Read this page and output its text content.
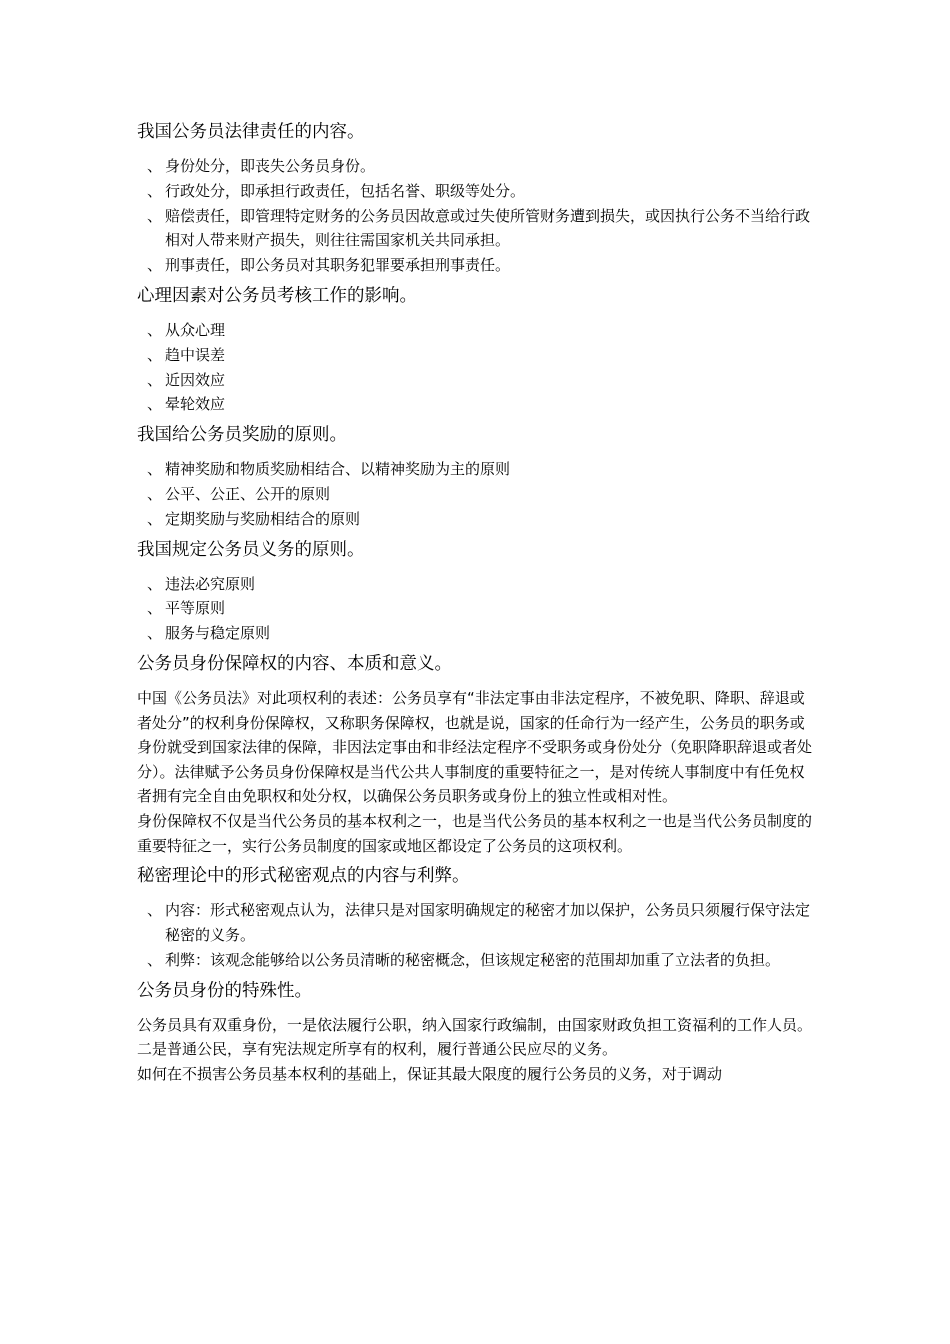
我国公务员法律责任的内容。
、 身份处分，即丧失公务员身份。
、 行政处分，即承担行政责任，包括名誉、职级等处分。
、 赔偿责任，即管理特定财务的公务员因故意或过失使所管财务遭到损失，或因执行公务不当给行政相对人带来财产损失，则往往需国家机关共同承担。
、 刑事责任，即公务员对其职务犯罪要承担刑事责任。
心理因素对公务员考核工作的影响。
、 从众心理
、 趋中误差
、 近因效应
、 晕轮效应
我国给公务员奖励的原则。
、 精神奖励和物质奖励相结合、以精神奖励为主的原则
、 公平、公正、公开的原则
、 定期奖励与奖励相结合的原则
我国规定公务员义务的原则。
、 违法必究原则
、 平等原则
、 服务与稳定原则
公务员身份保障权的内容、本质和意义。

中国《公务员法》对此项权利的表述：公务员享有“非法定事由非法定程序，不被免职、降职、辞退或者处分”的权利身份保障权，又称职务保障权，也就是说，国家的任命行为一经产生，公务员的职务或身份就受到国家法律的保障，非因法定事由和非经法定程序不受职务或身份处分（免职降职辞退或者处分）。法律赋予公务员身份保障权是当代公共人事制度的重要特征之一，是对传统人事制度中有任免权者拥有完全自由免职权和处分权，以确保公务员职务或身份上的独立性或相对性。

身份保障权不仅是当代公务员的基本权利之一，也是当代公务员的基本权利之一也是当代公务员制度的重要特征之一，实行公务员制度的国家或地区都设定了公务员的这项权利。

秘密理论中的形式秘密观点的内容与利弊。
、 内容：形式秘密观点认为，法律只是对国家明确规定的秘密才加以保护，公务员只须履行保守法定秘密的义务。
、 利弊：该观念能够给以公务员清晰的秘密概念，但该规定秘密的范围却加重了立法者的负担。
公务员身份的特殊性。

公务员具有双重身份，一是依法履行公职，纳入国家行政编制，由国家财政负担工资福利的工作人员。二是普通公民，享有宪法规定所享有的权利，履行普通公民应尽的义务。

如何在不损害公务员基本权利的基础上，保证其最大限度的履行公务员的义务，对于调动
